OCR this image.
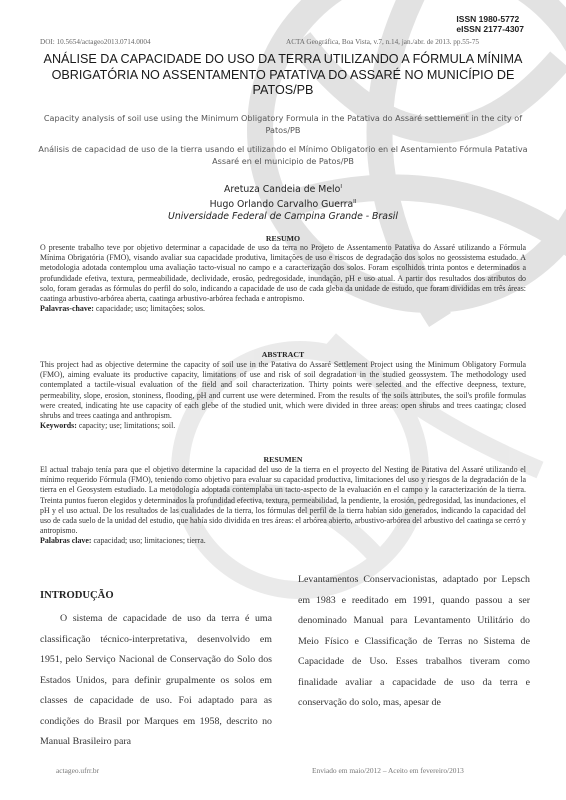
ISSN 1980-5772
eISSN 2177-4307
DOI: 10.5654/actageo2013.0714.0004	ACTA Geográfica, Boa Vista, v.7, n.14, jan./abr. de 2013. pp.55-75
ANÁLISE DA CAPACIDADE DO USO DA TERRA UTILIZANDO A FÓRMULA MÍNIMA OBRIGATÓRIA NO ASSENTAMENTO PATATIVA DO ASSARÉ NO MUNICÍPIO DE PATOS/PB
Capacity analysis of soil use using the Minimum Obligatory Formula in the Patativa do Assaré settlement in the city of Patos/PB
Análisis de capacidad de uso de la tierra usando el utilizando el Mínimo Obligatorio en el Asentamiento Fórmula Patativa Assaré en el municipio de Patos/PB
Aretuza Candeia de Melo$^I$
Hugo Orlando Carvalho Guerra$^{II}$
Universidade Federal de Campina Grande - Brasil
RESUMO
O presente trabalho teve por objetivo determinar a capacidade de uso da terra no Projeto de Assentamento Patativa do Assaré utilizando a Fórmula Mínima Obrigatória (FMO), visando avaliar sua capacidade produtiva, limitações de uso e riscos de degradação dos solos no geossistema estudado. A metodologia adotada contemplou uma avaliação tacto-visual no campo e a caracterização dos solos. Foram escolhidos trinta pontos e determinados a profundidade efetiva, textura, permeabilidade, declividade, erosão, pedregosidade, inundação, pH e uso atual. A partir dos resultados dos atributos do solo, foram geradas as fórmulas do perfil do solo, indicando a capacidade de uso de cada gleba da unidade de estudo, que foram divididas em três áreas: caatinga arbustivo-arbórea aberta, caatinga arbustivo-arbórea fechada e antropismo.
Palavras-chave: capacidade; uso; limitações; solos.
ABSTRACT
This project had as objective determine the capacity of soil use in the Patativa do Assaré Settlement Project using the Minimum Obligatory Formula (FMO), aiming evaluate its productive capacity, limitations of use and risk of soil degradation in the studied geossystem. The methodology used contemplated a tactile-visual evaluation of the field and soil characterization. Thirty points were selected and the effective deepness, texture, permeability, slope, erosion, stoniness, flooding, pH and current use were determined. From the results of the soils attributes, the soil's profile formulas were created, indicating hte use capacity of each glebe of the studied unit, which were divided in three areas: open shrubs and trees caatinga; closed shrubs and trees caatinga and anthropism.
Keywords: capacity; use; limitations; soil.
RESUMEN
El actual trabajo tenía para que el objetivo determine la capacidad del uso de la tierra en el proyecto del Nesting de Patativa del Assaré utilizando el mínimo requerido Fórmula (FMO), teniendo como objetivo para evaluar su capacidad productiva, limitaciones del uso y riesgos de la degradación de la tierra en el Geosystem estudiado. La metodología adoptada contemplaba un tacto-aspecto de la evaluación en el campo y la caracterización de la tierra. Treinta puntos fueron elegidos y determinados la profundidad efectiva, textura, permeabilidad, la pendiente, la erosión, pedregosidad, las inundaciones, el pH y el uso actual. De los resultados de las cualidades de la tierra, los fórmulas del perfil de la tierra habían sido generados, indicando la capacidad del uso de cada suelo de la unidad del estudio, que había sido dividida en tres áreas: el arbórea abierto, arbustivo-arbórea del arbustivo del caatinga se cerró y antropismo.
Palabras clave: capacidad; uso; limitaciones; tierra.
INTRODUÇÃO
O sistema de capacidade de uso da terra é uma classificação técnico-interpretativa, desenvolvido em 1951, pelo Serviço Nacional de Conservação do Solo dos Estados Unidos, para definir grupalmente os solos em classes de capacidade de uso. Foi adaptado para as condições do Brasil por Marques em 1958, descrito no Manual Brasileiro para
Levantamentos Conservacionistas, adaptado por Lepsch em 1983 e reeditado em 1991, quando passou a ser denominado Manual para Levantamento Utilitário do Meio Físico e Classificação de Terras no Sistema de Capacidade de Uso. Esses trabalhos tiveram como finalidade avaliar a capacidade de uso da terra e conservação do solo, mas, apesar de
actageo.ufrr.br	Enviado em maio/2012 – Aceito em fevereiro/2013
